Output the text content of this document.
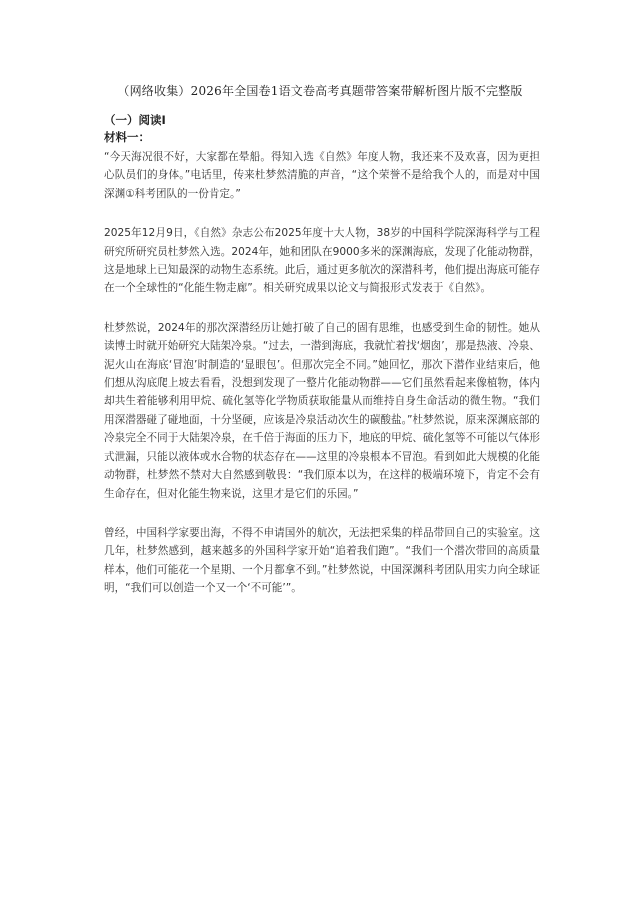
（网络收集）2026年全国卷1语文卷高考真题带答案带解析图片版不完整版

（一）阅读Ⅰ

材料一：

“今天海况很不好，大家都在晕船。得知入选《自然》年度人物，我还来不及欢喜，因为更担心队员们的身体。”电话里，传来杜梦然清脆的声音，“这个荣誉不是给我个人的，而是对中国深渊①科考团队的一份肯定。”

2025年12月9日，《自然》杂志公布2025年度十大人物，38岁的中国科学院深海科学与工程研究所研究员杜梦然入选。2024年，她和团队在9000多米的深渊海底，发现了化能动物群，这是地球上已知最深的动物生态系统。此后，通过更多航次的深潜科考，他们提出海底可能存在一个全球性的“化能生物走廊”。相关研究成果以论文与简报形式发表于《自然》。

杜梦然说，2024年的那次深潜经历让她打破了自己的固有思维，也感受到生命的韧性。她从读博士时就开始研究大陆架冷泉。“过去，一潜到海底，我就忙着找‘烟囱’，那是热液、冷泉、泥火山在海底‘冒泡’时制造的‘显眼包’。但那次完全不同。”她回忆，那次下潜作业结束后，他们想从沟底爬上坡去看看，没想到发现了一整片化能动物群——它们虽然看起来像植物，体内却共生着能够利用甲烷、硫化氢等化学物质获取能量从而维持自身生命活动的微生物。“我们用深潜器碰了碰地面，十分坚硬，应该是冷泉活动次生的碳酸盐。”杜梦然说，原来深渊底部的冷泉完全不同于大陆架冷泉，在千倍于海面的压力下，地底的甲烷、硫化氢等不可能以气体形式泄漏，只能以液体或水合物的状态存在——这里的冷泉根本不冒泡。看到如此大规模的化能动物群，杜梦然不禁对大自然感到敬畏：“我们原本以为，在这样的极端环境下，肯定不会有生命存在，但对化能生物来说，这里才是它们的乐园。”

曾经，中国科学家要出海，不得不申请国外的航次，无法把采集的样品带回自己的实验室。这几年，杜梦然感到，越来越多的外国科学家开始“追着我们跑”。“我们一个潜次带回的高质量样本，他们可能花一个星期、一个月都拿不到。”杜梦然说，中国深渊科考团队用实力向全球证明，“我们可以创造一个又一个‘不可能’”。
